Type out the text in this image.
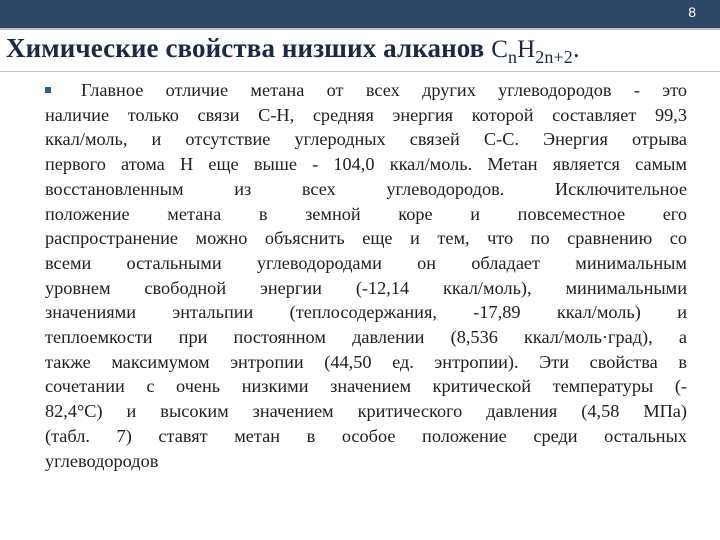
8
Химические свойства низших алканов $C_nH_{2n+2}$.
Главное отличие метана от всех других углеводородов - это
наличие только связи С-Н, средняя энергия которой составляет 99,3
ккал/моль, и отсутствие углеродных связей С-С. Энергия отрыва
первого атома Н еще выше - 104,0 ккал/моль. Метан является самым
восстановленным из всех углеводородов. Исключительное
положение метана в земной коре и повсеместное его
распространение можно объяснить еще и тем, что по сравнению со
всеми остальными углеводородами он обладает минимальным
уровнем свободной энергии (-12,14 ккал/моль), минимальными
значениями энтальпии (теплосодержания, -17,89 ккал/моль) и
теплоемкости при постоянном давлении (8,536 ккал/моль·град), а
также максимумом энтропии (44,50 ед. энтропии). Эти свойства в
сочетании с очень низкими значением критической температуры (-
82,4°С) и высоким значением критического давления (4,58 МПа)
(табл. 7) ставят метан в особое положение среди остальных
углеводородов
